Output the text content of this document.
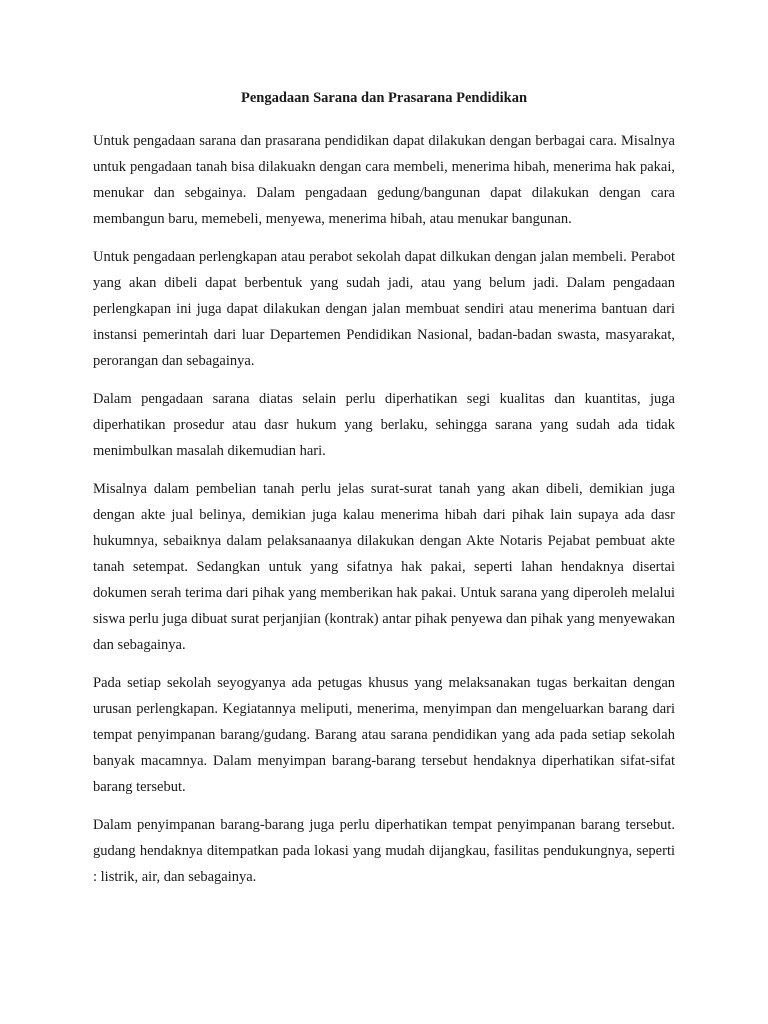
Pengadaan Sarana dan Prasarana Pendidikan

Untuk pengadaan sarana dan prasarana pendidikan dapat dilakukan dengan berbagai cara. Misalnya untuk pengadaan tanah bisa dilakuakn dengan cara membeli, menerima hibah, menerima hak pakai, menukar dan sebgainya. Dalam pengadaan gedung/bangunan dapat dilakukan dengan cara membangun baru, memebeli, menyewa, menerima hibah, atau menukar bangunan.

Untuk pengadaan perlengkapan atau perabot sekolah dapat dilkukan dengan jalan membeli. Perabot yang akan dibeli dapat berbentuk yang sudah jadi, atau yang belum jadi. Dalam pengadaan perlengkapan ini juga dapat dilakukan dengan jalan membuat sendiri atau menerima bantuan dari instansi pemerintah dari luar Departemen Pendidikan Nasional, badan-badan swasta, masyarakat, perorangan dan sebagainya.

Dalam pengadaan sarana diatas selain perlu diperhatikan segi kualitas dan kuantitas, juga diperhatikan prosedur atau dasr hukum yang berlaku, sehingga sarana yang sudah ada tidak menimbulkan masalah dikemudian hari.

Misalnya dalam pembelian tanah perlu jelas surat-surat tanah yang akan dibeli, demikian juga dengan akte jual belinya, demikian juga kalau menerima hibah dari pihak lain supaya ada dasr hukumnya, sebaiknya dalam pelaksanaanya dilakukan dengan Akte Notaris Pejabat pembuat akte tanah setempat. Sedangkan untuk yang sifatnya hak pakai, seperti lahan hendaknya disertai dokumen serah terima dari pihak yang memberikan hak pakai. Untuk sarana yang diperoleh melalui siswa perlu juga dibuat surat perjanjian (kontrak) antar pihak penyewa dan pihak yang menyewakan dan sebagainya.

Pada setiap sekolah seyogyanya ada petugas khusus yang melaksanakan tugas berkaitan dengan urusan perlengkapan. Kegiatannya meliputi, menerima, menyimpan dan mengeluarkan barang dari tempat penyimpanan barang/gudang. Barang atau sarana pendidikan yang ada pada setiap sekolah banyak macamnya. Dalam menyimpan barang-barang tersebut hendaknya diperhatikan sifat-sifat barang tersebut.

Dalam penyimpanan barang-barang juga perlu diperhatikan tempat penyimpanan barang tersebut. gudang hendaknya ditempatkan pada lokasi yang mudah dijangkau, fasilitas pendukungnya, seperti : listrik, air, dan sebagainya.
